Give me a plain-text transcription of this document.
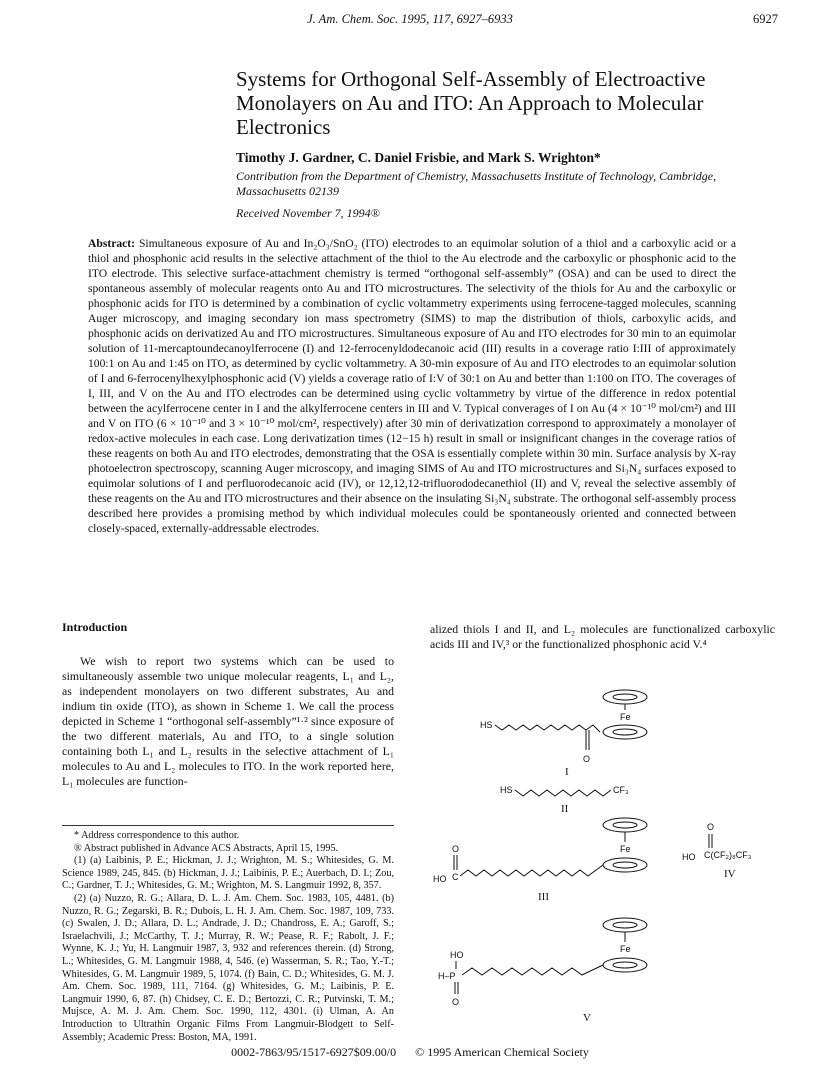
J. Am. Chem. Soc. 1995, 117, 6927–6933	6927
Systems for Orthogonal Self-Assembly of Electroactive Monolayers on Au and ITO: An Approach to Molecular Electronics
Timothy J. Gardner, C. Daniel Frisbie, and Mark S. Wrighton*
Contribution from the Department of Chemistry, Massachusetts Institute of Technology, Cambridge, Massachusetts 02139
Received November 7, 1994®
Abstract: Simultaneous exposure of Au and In₂O₃/SnO₂ (ITO) electrodes to an equimolar solution of a thiol and a carboxylic acid or a thiol and phosphonic acid results in the selective attachment of the thiol to the Au electrode and the carboxylic or phosphonic acid to the ITO electrode. This selective surface-attachment chemistry is termed “orthogonal self-assembly” (OSA) and can be used to direct the spontaneous assembly of molecular reagents onto Au and ITO microstructures. The selectivity of the thiols for Au and the carboxylic or phosphonic acids for ITO is determined by a combination of cyclic voltammetry experiments using ferrocene-tagged molecules, scanning Auger microscopy, and imaging secondary ion mass spectrometry (SIMS) to map the distribution of thiols, carboxylic acids, and phosphonic acids on derivatized Au and ITO microstructures. Simultaneous exposure of Au and ITO electrodes for 30 min to an equimolar solution of 11-mercaptoundecanoylferrocene (I) and 12-ferrocenyldodecanoic acid (III) results in a coverage ratio I:III of approximately 100:1 on Au and 1:45 on ITO, as determined by cyclic voltammetry. A 30-min exposure of Au and ITO electrodes to an equimolar solution of I and 6-ferrocenylhexylphosphonic acid (V) yields a coverage ratio of I:V of 30:1 on Au and better than 1:100 on ITO. The coverages of I, III, and V on the Au and ITO electrodes can be determined using cyclic voltammetry by virtue of the difference in redox potential between the acylferrocene center in I and the alkylferrocene centers in III and V. Typical converages of I on Au (4 × 10⁻¹⁰ mol/cm²) and III and V on ITO (6 × 10⁻¹⁰ and 3 × 10⁻¹⁰ mol/cm², respectively) after 30 min of derivatization correspond to approximately a monolayer of redox-active molecules in each case. Long derivatization times (12−15 h) result in small or insignificant changes in the coverage ratios of these reagents on both Au and ITO electrodes, demonstrating that the OSA is essentially complete within 30 min. Surface analysis by X-ray photoelectron spectroscopy, scanning Auger microscopy, and imaging SIMS of Au and ITO microstructures and Si₃N₄ surfaces exposed to equimolar solutions of I and perfluorodecanoic acid (IV), or 12,12,12-trifluorododecanethiol (II) and V, reveal the selective assembly of these reagents on the Au and ITO microstructures and their absence on the insulating Si₃N₄ substrate. The orthogonal self-assembly process described here provides a promising method by which individual molecules could be spontaneously oriented and connected between closely-spaced, externally-addressable electrodes.
Introduction
We wish to report two systems which can be used to simultaneously assemble two unique molecular reagents, L₁ and L₂, as independent monolayers on two different substrates, Au and indium tin oxide (ITO), as shown in Scheme 1. We call the process depicted in Scheme 1 “orthogonal self-assembly”¹·² since exposure of the two different materials, Au and ITO, to a single solution containing both L₁ and L₂ results in the selective attachment of L₁ molecules to Au and L₂ molecules to ITO. In the work reported here, L₁ molecules are function-

* Address correspondence to this author.

® Abstract published in Advance ACS Abstracts, April 15, 1995.

(1) (a) Laibinis, P. E.; Hickman, J. J.; Wrighton, M. S.; Whitesides, G. M. Science 1989, 245, 845. (b) Hickman, J. J.; Laibinis, P. E.; Auerbach, D. I.; Zou, C.; Gardner, T. J.; Whitesides, G. M.; Wrighton, M. S. Langmuir 1992, 8, 357.

(2) (a) Nuzzo, R. G.; Allara, D. L. J. Am. Chem. Soc. 1983, 105, 4481. (b) Nuzzo, R. G.; Zegarski, B. R.; Dubois, L. H. J. Am. Chem. Soc. 1987, 109, 733. (c) Swalen, J. D.; Allara, D. L.; Andrade, J. D.; Chandross, E. A.; Garoff, S.; Israelachvili, J.; McCarthy, T. J.; Murray, R. W.; Pease, R. F.; Rabolt, J. F.; Wynne, K. J.; Yu, H. Langmuir 1987, 3, 932 and references therein. (d) Strong, L.; Whitesides, G. M. Langmuir 1988, 4, 546. (e) Wasserman, S. R.; Tao, Y.-T.; Whitesides, G. M. Langmuir 1989, 5, 1074. (f) Bain, C. D.; Whitesides, G. M. J. Am. Chem. Soc. 1989, 111, 7164. (g) Whitesides, G. M.; Laibinis, P. E. Langmuir 1990, 6, 87. (h) Chidsey, C. E. D.; Bertozzi, C. R.; Putvinski, T. M.; Mujsce, A. M. J. Am. Chem. Soc. 1990, 112, 4301. (i) Ulman, A. An Introduction to Ultrathin Organic Films From Langmuir-Blodgett to Self-Assembly; Academic Press: Boston, MA, 1991.

alized thiols I and II, and L₂ molecules are functionalized carboxylic acids III and IV,³ or the functionalized phosphonic acid V.⁴
Fe
HS
O
I
HS	CF₃
II
Fe
O
HO C
III
O
HO C(CF₂)₈CF₃
IV
Fe
HO
H–P
O
V
0002-7863/95/1517-6927$09.00/0 © 1995 American Chemical Society
